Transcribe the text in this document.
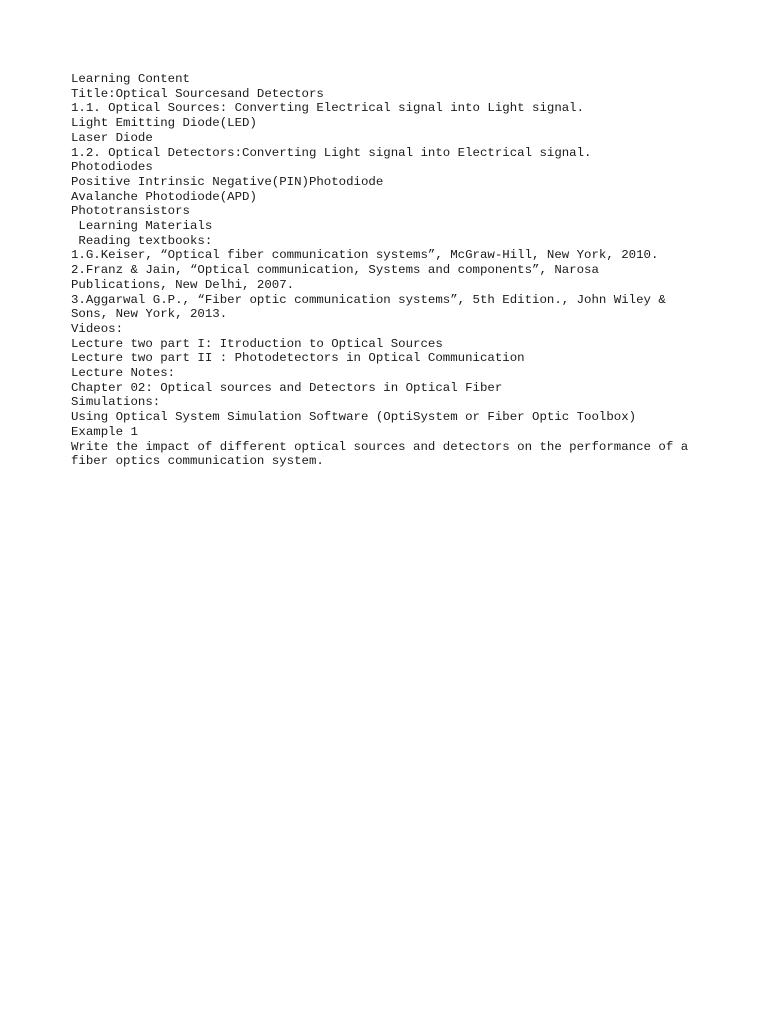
Learning Content
Title:Optical Sourcesand Detectors
1.1. Optical Sources: Converting Electrical signal into Light signal.
Light Emitting Diode(LED)
Laser Diode
1.2. Optical Detectors:Converting Light signal into Electrical signal.
Photodiodes
Positive Intrinsic Negative(PIN)Photodiode
Avalanche Photodiode(APD)
Phototransistors
Learning Materials
Reading textbooks:
1.G.Keiser, “Optical fiber communication systems”, McGraw-Hill, New York, 2010.
2.Franz & Jain, “Optical communication, Systems and components”, Narosa
Publications, New Delhi, 2007.
3.Aggarwal G.P., “Fiber optic communication systems”, 5th Edition., John Wiley &
Sons, New York, 2013.
Videos:
Lecture two part I: Itroduction to Optical Sources
Lecture two part II : Photodetectors in Optical Communication
Lecture Notes:
Chapter 02: Optical sources and Detectors in Optical Fiber
Simulations:
Using Optical System Simulation Software (OptiSystem or Fiber Optic Toolbox)
Example 1
Write the impact of different optical sources and detectors on the performance of a
fiber optics communication system.
